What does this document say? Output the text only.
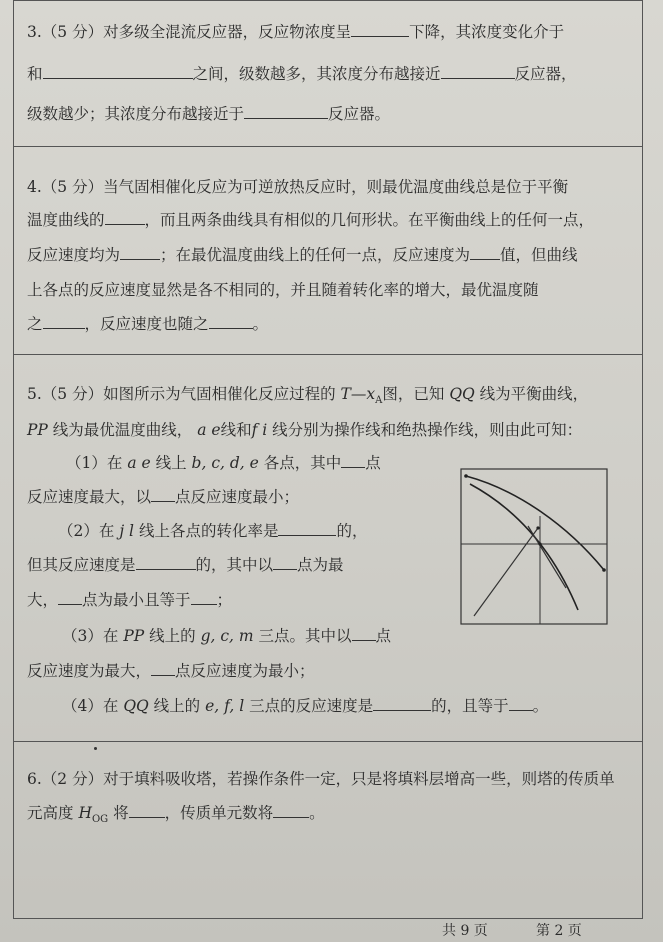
3.（5 分）对多级全混流反应器，反应物浓度呈	下降，其浓度变化介于
和	之间，级数越多，其浓度分布越接近	反应器，
级数越少；其浓度分布越接近于	反应器。
4.（5 分）当气固相催化反应为可逆放热反应时，则最优温度曲线总是位于平衡
温度曲线的	，而且两条曲线具有相似的几何形状。在平衡曲线上的任何一点，
反应速度均为	；在最优温度曲线上的任何一点，反应速度为 值，但曲线
上各点的反应速度显然是各不相同的，并且随着转化率的增大，最优温度随
之	，反应速度也随之	。
5.（5 分）如图所示为气固相催化反应过程的 $T—x_A$图，已知 QQ 线为平衡曲线，
PP 线为最优温度曲线， a e线和f i 线分别为操作线和绝热操作线，则由此可知：
（1）在 a e 线上 b, c, d, e 各点，其中 点
反应速度最大，以 点反应速度最小；
（2）在 j l 线上各点的转化率是	的，
但其反应速度是	的，其中以 点为最
大， 点为最小且等于 ；
（3）在 PP 线上的 g, c, m 三点。其中以 点
反应速度为最大， 点反应速度为最小；
（4）在 QQ 线上的 e, f, l 三点的反应速度是	的，且等于 。
6.（2 分）对于填料吸收塔，若操作条件一定，只是将填料层增高一些，则塔的传质单
元高度 $H_{OG}$ 将 ，传质单元数将 。
共 9 页	第 2 页
